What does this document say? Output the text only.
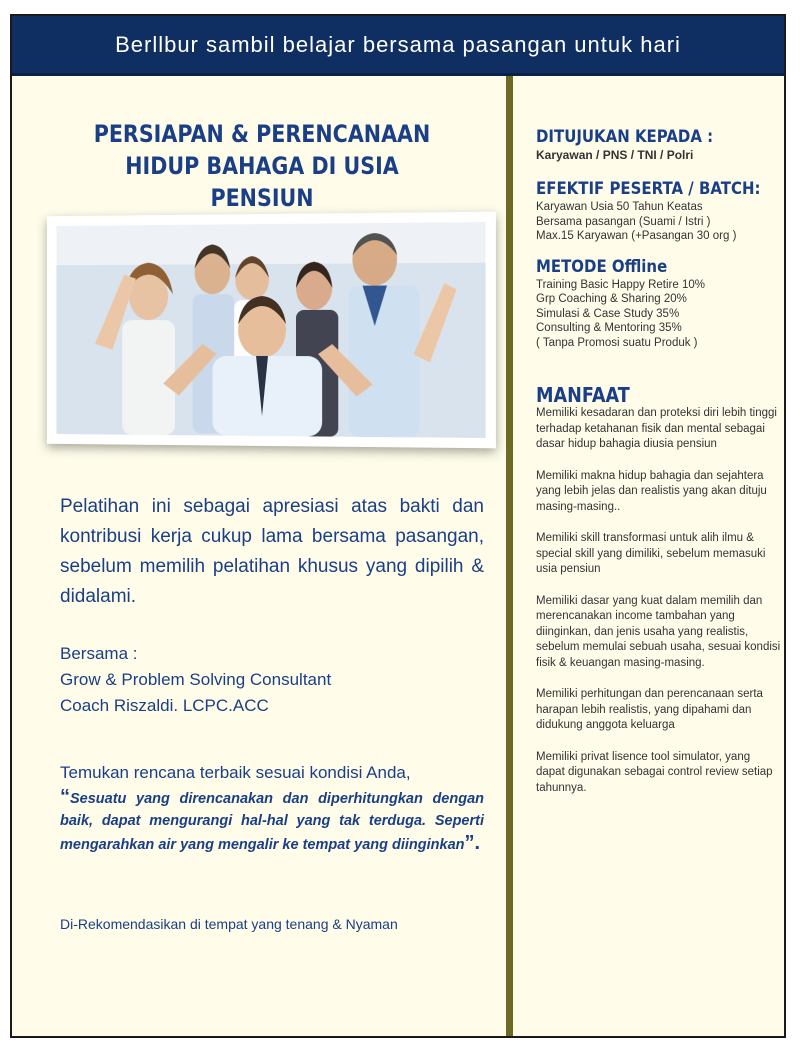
Berllbur sambil belajar bersama pasangan untuk hari
PERSIAPAN & PERENCANAAN
HIDUP BAHAGA DI USIA PENSIUN
Pelatihan ini sebagai apresiasi atas bakti dan kontribusi kerja cukup lama bersama pasangan, sebelum memilih pelatihan khusus yang dipilih & didalami.
Bersama :
Grow & Problem Solving Consultant
Coach Riszaldi. LCPC.ACC
Temukan rencana terbaik sesuai kondisi Anda,
“Sesuatu yang direncanakan dan diperhitungkan dengan baik, dapat mengurangi hal-hal yang tak terduga. Seperti mengarahkan air yang mengalir ke tempat yang diinginkan”.
Di-Rekomendasikan di tempat yang tenang & Nyaman
DITUJUKAN KEPADA :
Karyawan / PNS / TNI / Polri
EFEKTIF PESERTA / BATCH:
Karyawan Usia 50 Tahun Keatas
Bersama pasangan (Suami / Istri )
Max.15 Karyawan (+Pasangan 30 org )
METODE Offline
Training Basic Happy Retire 10%
Grp Coaching & Sharing 20%
Simulasi & Case Study 35%
Consulting & Mentoring 35%
( Tanpa Promosi suatu Produk )
MANFAAT
Memiliki kesadaran dan proteksi diri lebih tinggi terhadap ketahanan fisik dan mental sebagai dasar hidup bahagia diusia pensiun
Memiliki makna hidup bahagia dan sejahtera yang lebih jelas dan realistis yang akan dituju masing-masing..
Memiliki skill transformasi untuk alih ilmu & special skill yang dimiliki, sebelum memasuki usia pensiun
Memiliki dasar yang kuat dalam memilih dan merencanakan income tambahan yang diinginkan, dan jenis usaha yang realistis, sebelum memulai sebuah usaha, sesuai kondisi fisik & keuangan masing-masing.
Memiliki perhitungan dan perencanaan serta harapan lebih realistis, yang dipahami dan didukung anggota keluarga
Memiliki privat lisence tool simulator, yang dapat digunakan sebagai control review setiap tahunnya.
